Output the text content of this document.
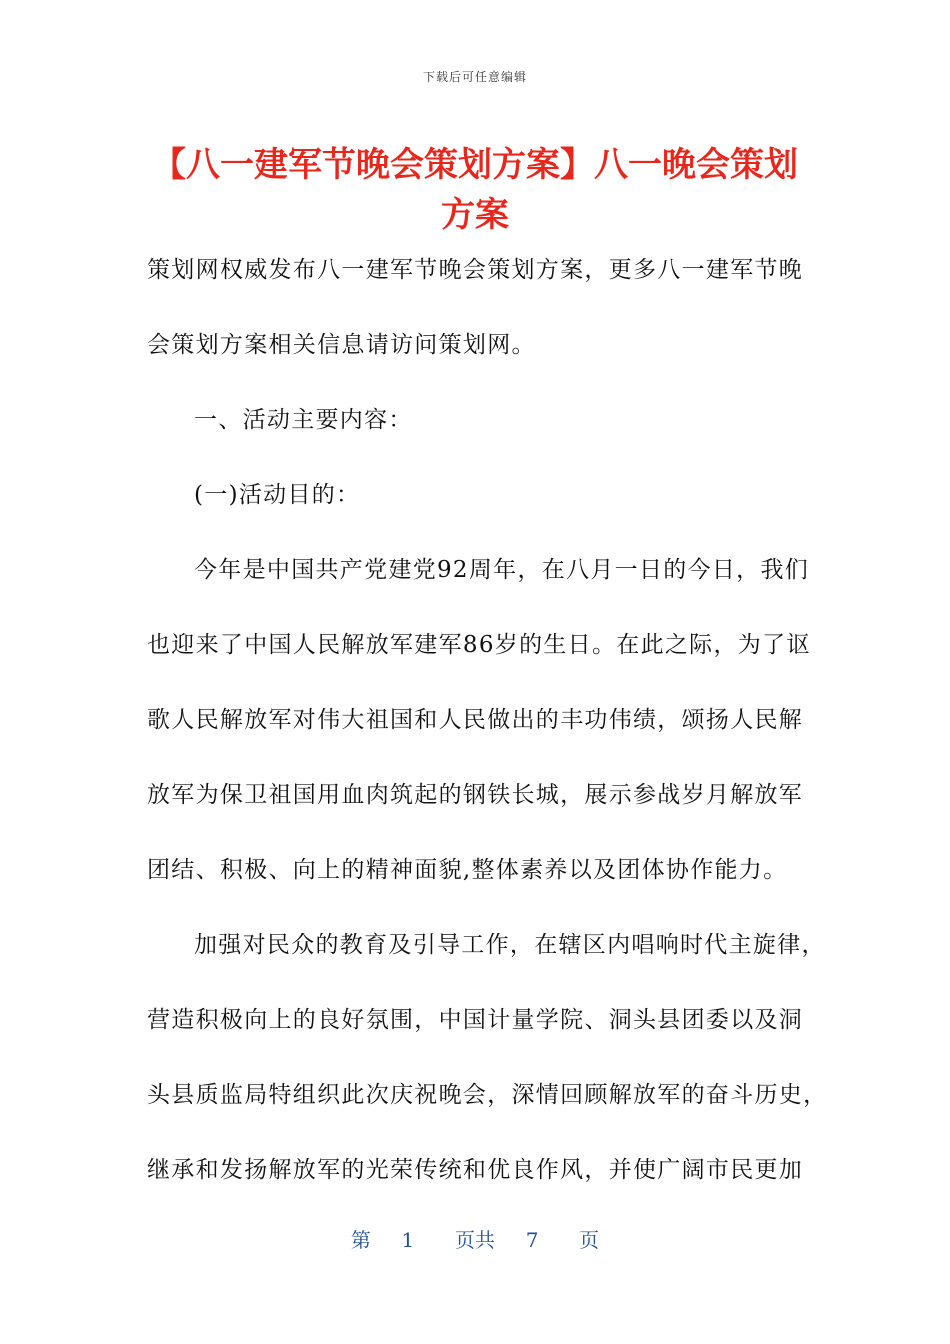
下载后可任意编辑
【八一建军节晚会策划方案】八一晚会策划
方案
策划网权威发布八一建军节晚会策划方案，更多八一建军节晚
会策划方案相关信息请访问策划网。
一、活动主要内容：
(一)活动目的：
今年是中国共产党建党92周年，在八月一日的今日，我们
也迎来了中国人民解放军建军86岁的生日。在此之际，为了讴
歌人民解放军对伟大祖国和人民做出的丰功伟绩，颂扬人民解
放军为保卫祖国用血肉筑起的钢铁长城，展示参战岁月解放军
团结、积极、向上的精神面貌,整体素养以及团体协作能力。
加强对民众的教育及引导工作，在辖区内唱响时代主旋律，
营造积极向上的良好氛围，中国计量学院、洞头县团委以及洞
头县质监局特组织此次庆祝晚会，深情回顾解放军的奋斗历史，
继承和发扬解放军的光荣传统和优良作风，并使广阔市民更加
第 1 页共 7 页
